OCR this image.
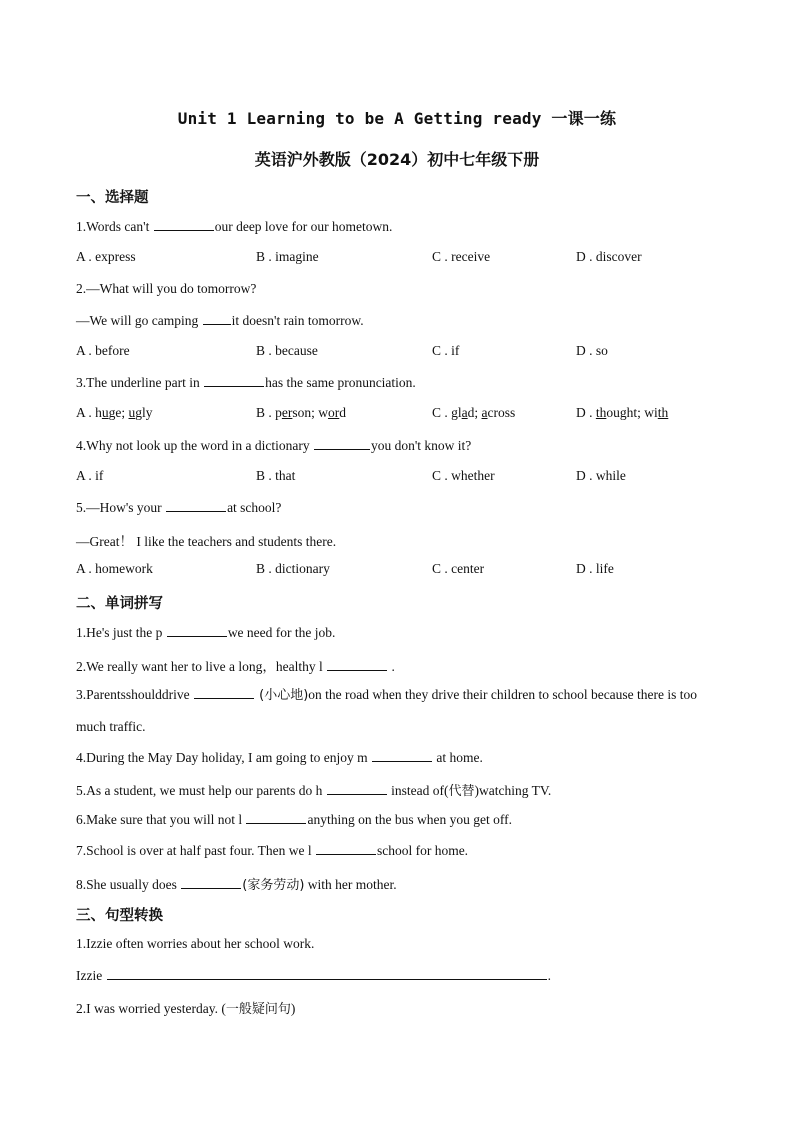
Unit 1 Learning to be A Getting ready 一课一练
英语沪外教版（2024）初中七年级下册
一、选择题
1.Words can't	our deep love for our hometown.
A . express	B . imagine	C . receive	D . discover
2.—What will you do tomorrow?
—We will go camping it doesn't rain tomorrow.
A . before	B . because	C . if	D . so
3.The underline part in	has the same pronunciation.
A . huge; ugly	B . person; word	C . glad; across	D . thought; with
4.Why not look up the word in a dictionary	you don't know it?
A . if	B . that	C . whether	D . while
5.—How's your	at school?
—Great！ I like the teachers and students there.
A . homework	B . dictionary	C . center	D . life
二、单词拼写
1.He's just the p	we need for the job.
2.We really want her to live a long，healthy l	.
3.Parentsshoulddrive	(小心地)on the road when they drive their children to school because there is too much traffic.
4.During the May Day holiday, I am going to enjoy m	at home.
5.As a student, we must help our parents do h	instead of(代替)watching TV.
6.Make sure that you will not l	anything on the bus when you get off.
7.School is over at half past four. Then we l	school for home.
8.She usually does	(家务劳动) with her mother.
三、句型转换
1.Izzie often worries about her school work.
Izzie	.
2.I was worried yesterday. (一般疑问句)
